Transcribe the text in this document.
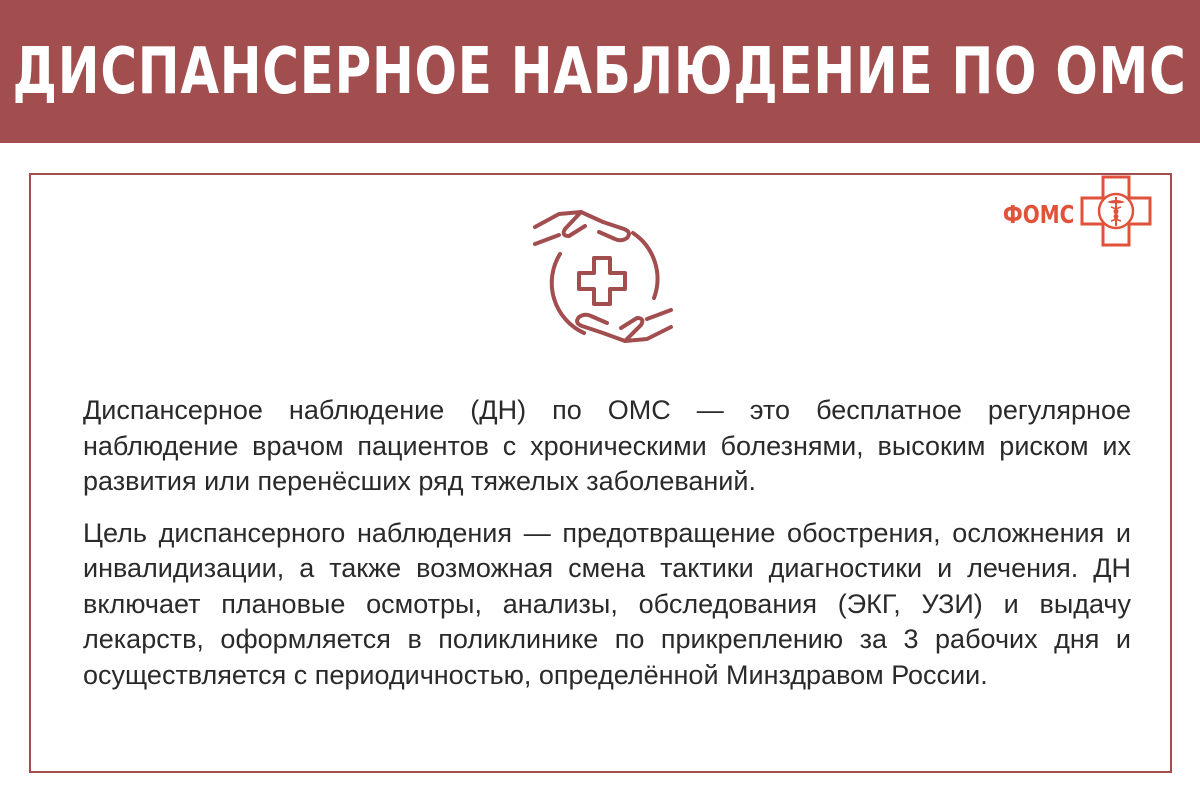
ДИСПАНСЕРНОЕ НАБЛЮДЕНИЕ ПО ОМС
ФОМС

Диспансерное наблюдение (ДН) по ОМС — это бесплатное регулярное наблюдение врачом пациентов с хроническими болезнями, высоким риском их развития или перенёсших ряд тяжелых заболеваний.

Цель диспансерного наблюдения — предотвращение обострения, осложнения и инвалидизации, а также возможная смена тактики диагностики и лечения. ДН включает плановые осмотры, анализы, обследования (ЭКГ, УЗИ) и выдачу лекарств, оформляется в поликлинике по прикреплению за 3 рабочих дня и осуществляется с периодичностью, определённой Минздравом России.
